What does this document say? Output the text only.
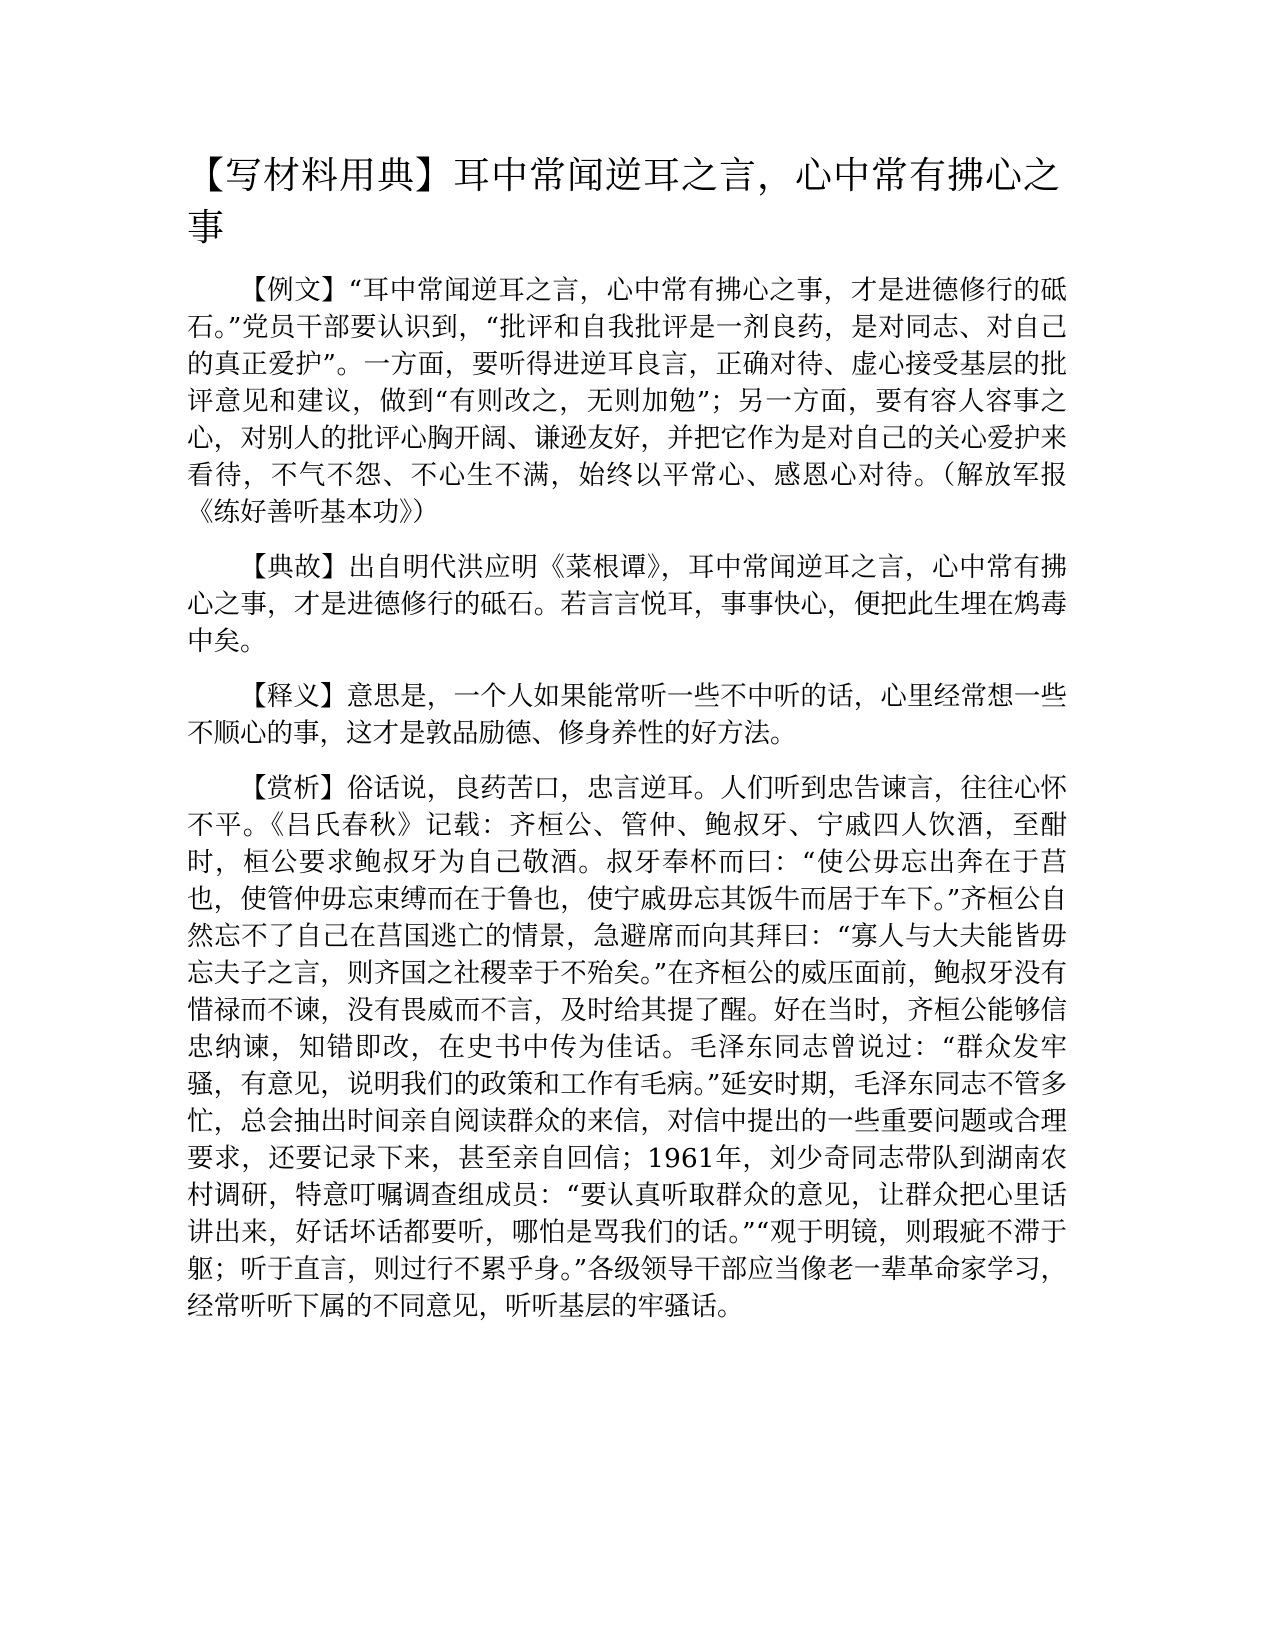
【写材料用典】耳中常闻逆耳之言，心中常有拂心之事

【例文】“耳中常闻逆耳之言，心中常有拂心之事，才是进德修行的砥石。”党员干部要认识到，“批评和自我批评是一剂良药，是对同志、对自己的真正爱护”。一方面，要听得进逆耳良言，正确对待、虚心接受基层的批评意见和建议，做到“有则改之，无则加勉”；另一方面，要有容人容事之心，对别人的批评心胸开阔、谦逊友好，并把它作为是对自己的关心爱护来看待，不气不怨、不心生不满，始终以平常心、感恩心对待。（解放军报《练好善听基本功》）

【典故】出自明代洪应明《菜根谭》，耳中常闻逆耳之言，心中常有拂心之事，才是进德修行的砥石。若言言悦耳，事事快心，便把此生埋在鸩毒中矣。

【释义】意思是，一个人如果能常听一些不中听的话，心里经常想一些不顺心的事，这才是敦品励德、修身养性的好方法。

【赏析】俗话说，良药苦口，忠言逆耳。人们听到忠告谏言，往往心怀不平。《吕氏春秋》记载：齐桓公、管仲、鲍叔牙、宁戚四人饮酒，至酣时，桓公要求鲍叔牙为自己敬酒。叔牙奉杯而曰：“使公毋忘出奔在于莒也，使管仲毋忘束缚而在于鲁也，使宁戚毋忘其饭牛而居于车下。”齐桓公自然忘不了自己在莒国逃亡的情景，急避席而向其拜曰：“寡人与大夫能皆毋忘夫子之言，则齐国之社稷幸于不殆矣。”在齐桓公的威压面前，鲍叔牙没有惜禄而不谏，没有畏威而不言，及时给其提了醒。好在当时，齐桓公能够信忠纳谏，知错即改，在史书中传为佳话。毛泽东同志曾说过：“群众发牢骚，有意见，说明我们的政策和工作有毛病。”延安时期，毛泽东同志不管多忙，总会抽出时间亲自阅读群众的来信，对信中提出的一些重要问题或合理要求，还要记录下来，甚至亲自回信；1961年，刘少奇同志带队到湖南农村调研，特意叮嘱调查组成员：“要认真听取群众的意见，让群众把心里话讲出来，好话坏话都要听，哪怕是骂我们的话。”“观于明镜，则瑕疵不滞于躯；听于直言，则过行不累乎身。”各级领导干部应当像老一辈革命家学习，经常听听下属的不同意见，听听基层的牢骚话。
